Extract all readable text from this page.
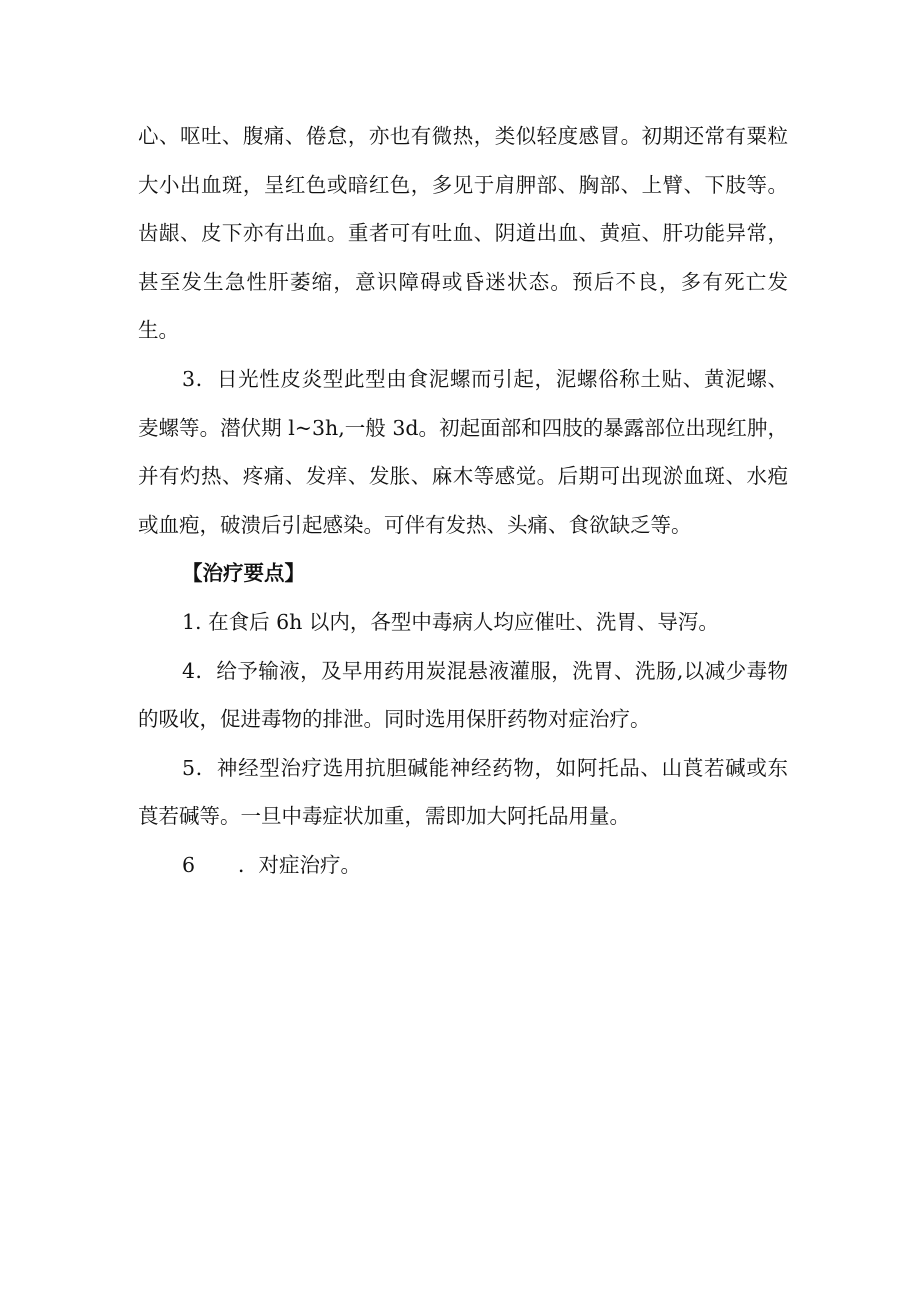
心、呕吐、腹痛、倦怠，亦也有微热，类似轻度感冒。初期还常有粟粒大小出血斑，呈红色或暗红色，多见于肩胛部、胸部、上臂、下肢等。齿龈、皮下亦有出血。重者可有吐血、阴道出血、黄疸、肝功能异常，甚至发生急性肝萎缩，意识障碍或昏迷状态。预后不良，多有死亡发生。

3．日光性皮炎型此型由食泥螺而引起，泥螺俗称土贴、黄泥螺、麦螺等。潜伏期 l~3h,一般 3d。初起面部和四肢的暴露部位出现红肿，并有灼热、疼痛、发痒、发胀、麻木等感觉。后期可出现淤血斑、水疱或血疱，破溃后引起感染。可伴有发热、头痛、食欲缺乏等。

【治疗要点】

1. 在食后 6h 以内，各型中毒病人均应催吐、洗胃、导泻。

4．给予输液，及早用药用炭混悬液灌服，洗胃、洗肠,以减少毒物的吸收，促进毒物的排泄。同时选用保肝药物对症治疗。

5．神经型治疗选用抗胆碱能神经药物，如阿托品、山莨若碱或东莨若碱等。一旦中毒症状加重，需即加大阿托品用量。

6 ．对症治疗。
